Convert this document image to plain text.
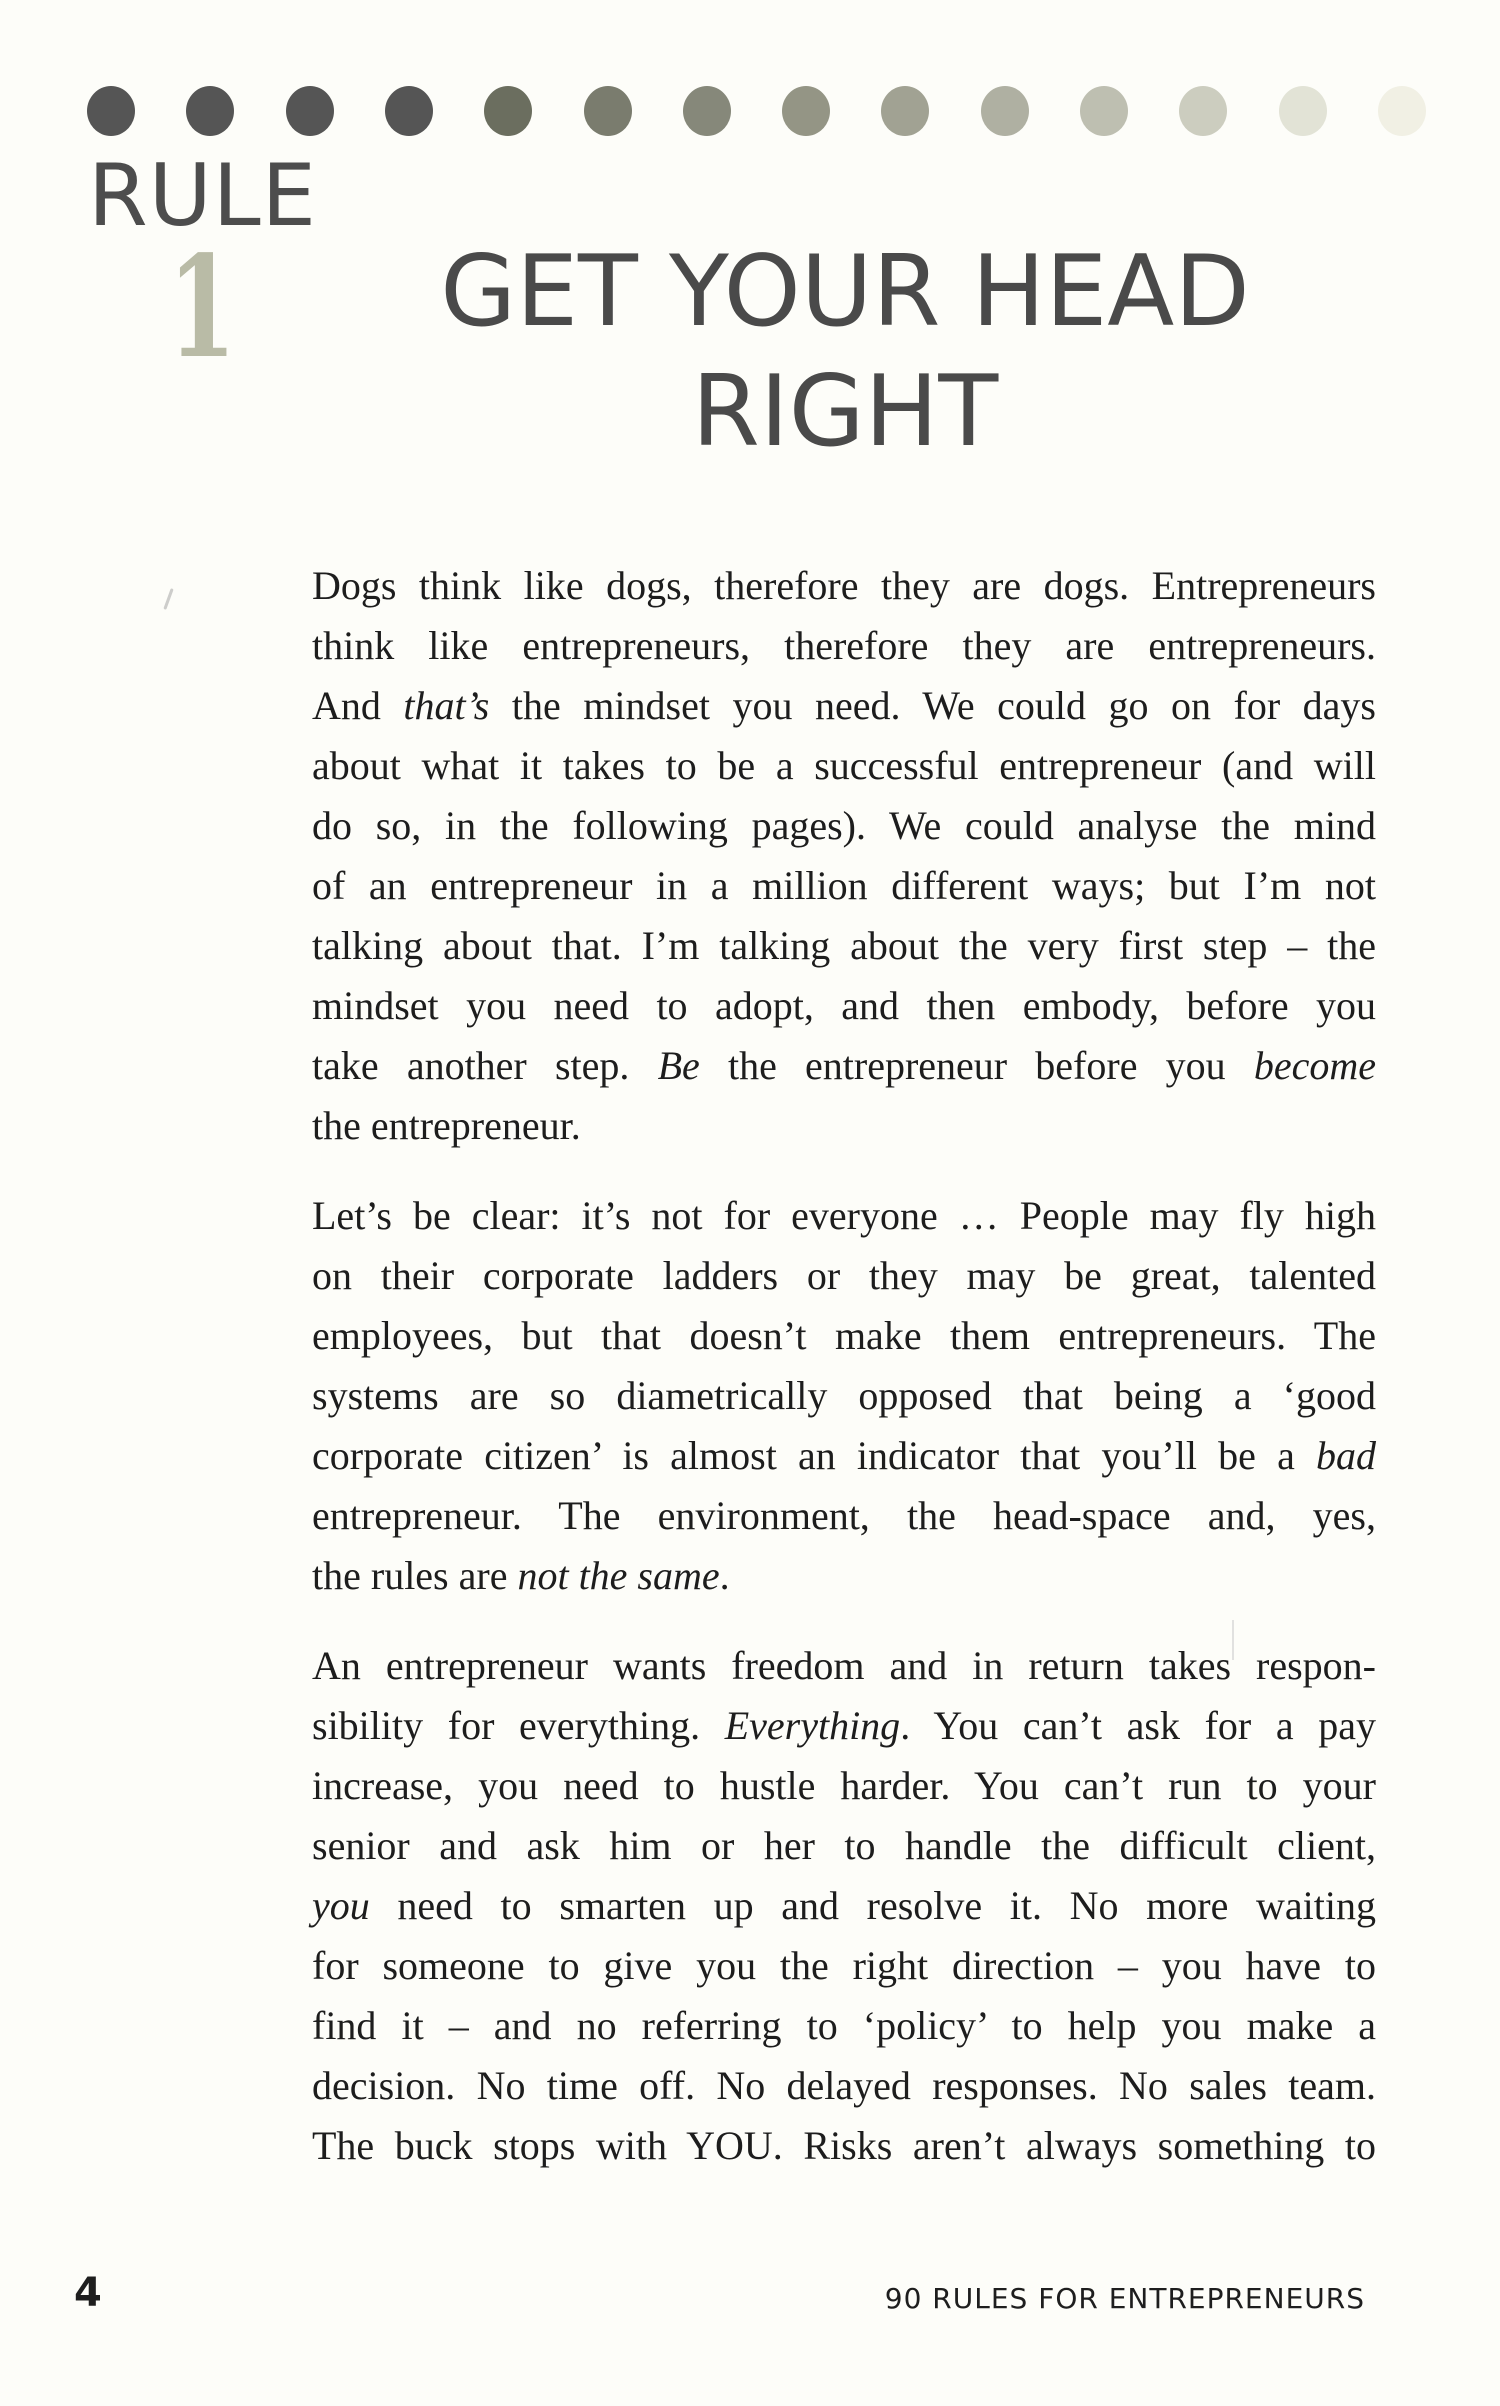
RULE
1	GET YOUR HEAD
RIGHT

Dogs think like dogs, therefore they are dogs. Entrepreneurs
think like entrepreneurs, therefore they are entrepreneurs.
And that’s the mindset you need. We could go on for days
about what it takes to be a successful entrepreneur (and will
do so, in the following pages). We could analyse the mind
of an entrepreneur in a million different ways; but I’m not
talking about that. I’m talking about the very first step – the
mindset you need to adopt, and then embody, before you
take another step. Be the entrepreneur before you become
the entrepreneur.

Let’s be clear: it’s not for everyone … People may fly high
on their corporate ladders or they may be great, talented
employees, but that doesn’t make them entrepreneurs. The
systems are so diametrically opposed that being a ‘good
corporate citizen’ is almost an indicator that you’ll be a bad
entrepreneur. The environment, the head-space and, yes,
the rules are not the same.

An entrepreneur wants freedom and in return takes respon-
sibility for everything. Everything. You can’t ask for a pay
increase, you need to hustle harder. You can’t run to your
senior and ask him or her to handle the difficult client,
you need to smarten up and resolve it. No more waiting
for someone to give you the right direction – you have to
find it – and no referring to ‘policy’ to help you make a
decision. No time off. No delayed responses. No sales team.
The buck stops with YOU. Risks aren’t always something to

4	90 RULES FOR ENTREPRENEURS
